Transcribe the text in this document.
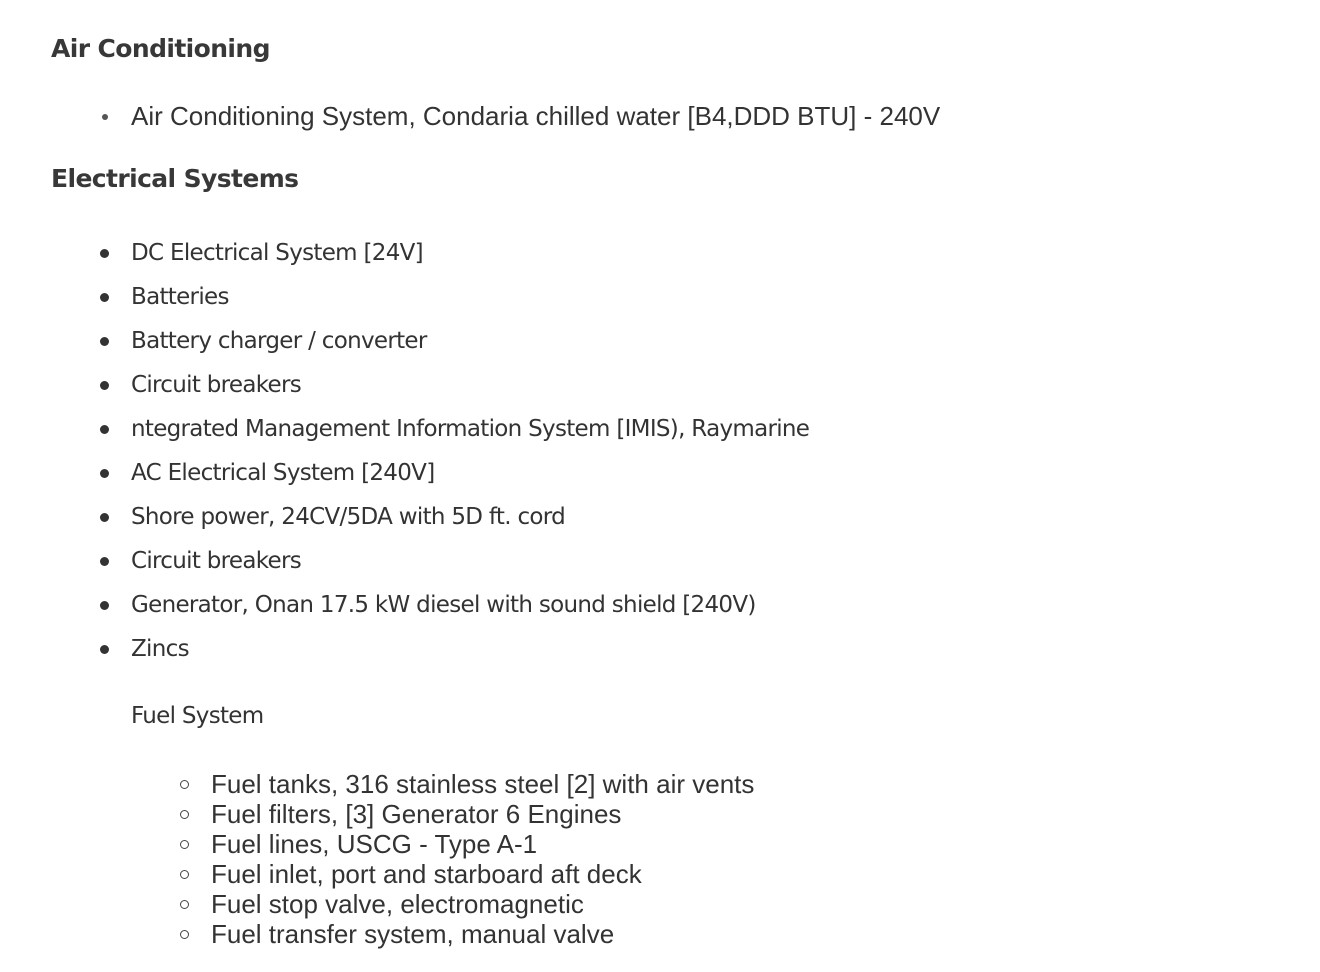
Air Conditioning
Air Conditioning System, Condaria chilled water [B4,DDD BTU] - 240V
Electrical Systems
DC Electrical System [24V]
Batteries
Battery charger / converter
Circuit breakers
ntegrated Management Information System [IMIS), Raymarine
AC Electrical System [240V]
Shore power, 24CV/5DA with 5D ft. cord
Circuit breakers
Generator, Onan 17.5 kW diesel with sound shield [240V)
Zincs

Fuel System

Fuel tanks, 316 stainless steel [2] with air vents
Fuel filters, [3] Generator 6 Engines
Fuel lines, USCG - Type A-1
Fuel inlet, port and starboard aft deck
Fuel stop valve, electromagnetic
Fuel transfer system, manual valve
